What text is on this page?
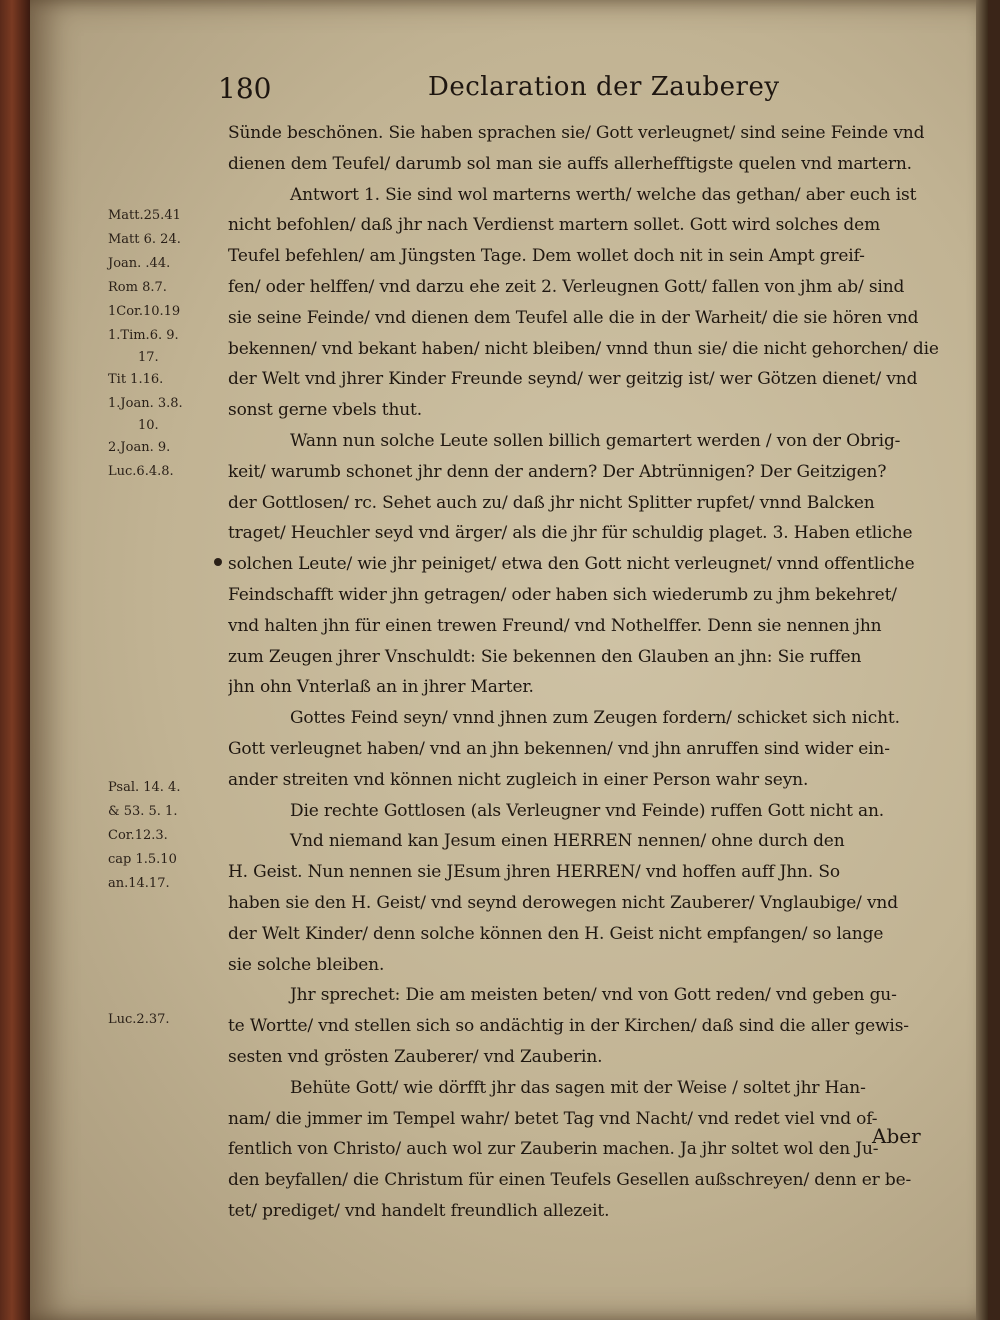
180	Declaration der Zauberey
Matt.25.41
Matt 6. 24.
Joan. .44.
Rom 8.7.
1Cor.10.19
1.Tim.6. 9.
17.
Tit 1.16.
1.Joan. 3.8.
10.
2.Joan. 9.
Luc.6.4.8.
Psal. 14. 4.
& 53. 5. 1.
Cor.12.3.
cap 1.5.10
an.14.17.
Luc.2.37.
Sünde beschönen. Sie haben sprachen sie/ Gott verleugnet/ sind seine Feinde vnd
dienen dem Teufel/ darumb sol man sie auffs allerhefftigste quelen vnd martern.
Antwort 1. Sie sind wol marterns werth/ welche das gethan/ aber euch ist
nicht befohlen/ daß jhr nach Verdienst martern sollet. Gott wird solches dem
Teufel befehlen/ am Jüngsten Tage. Dem wollet doch nit in sein Ampt greif-
fen/ oder helffen/ vnd darzu ehe zeit 2. Verleugnen Gott/ fallen von jhm ab/ sind
sie seine Feinde/ vnd dienen dem Teufel alle die in der Warheit/ die sie hören vnd
bekennen/ vnd bekant haben/ nicht bleiben/ vnnd thun sie/ die nicht gehorchen/ die
der Welt vnd jhrer Kinder Freunde seynd/ wer geitzig ist/ wer Götzen dienet/ vnd
sonst gerne vbels thut.
Wann nun solche Leute sollen billich gemartert werden / von der Obrig-
keit/ warumb schonet jhr denn der andern? Der Abtrünnigen? Der Geitzigen?
der Gottlosen/ rc. Sehet auch zu/ daß jhr nicht Splitter rupfet/ vnnd Balcken
traget/ Heuchler seyd vnd ärger/ als die jhr für schuldig plaget. 3. Haben etliche
solchen Leute/ wie jhr peiniget/ etwa den Gott nicht verleugnet/ vnnd offentliche
Feindschafft wider jhn getragen/ oder haben sich wiederumb zu jhm bekehret/
vnd halten jhn für einen trewen Freund/ vnd Nothelffer. Denn sie nennen jhn
zum Zeugen jhrer Vnschuldt: Sie bekennen den Glauben an jhn: Sie ruffen
jhn ohn Vnterlaß an in jhrer Marter.
Gottes Feind seyn/ vnnd jhnen zum Zeugen fordern/ schicket sich nicht.
Gott verleugnet haben/ vnd an jhn bekennen/ vnd jhn anruffen sind wider ein-
ander streiten vnd können nicht zugleich in einer Person wahr seyn.
Die rechte Gottlosen (als Verleugner vnd Feinde) ruffen Gott nicht an.
Vnd niemand kan Jesum einen HERREN nennen/ ohne durch den
H. Geist. Nun nennen sie JEsum jhren HERREN/ vnd hoffen auff Jhn. So
haben sie den H. Geist/ vnd seynd derowegen nicht Zauberer/ Vnglaubige/ vnd
der Welt Kinder/ denn solche können den H. Geist nicht empfangen/ so lange
sie solche bleiben.
Jhr sprechet: Die am meisten beten/ vnd von Gott reden/ vnd geben gu-
te Wortte/ vnd stellen sich so andächtig in der Kirchen/ daß sind die aller gewis-
sesten vnd grösten Zauberer/ vnd Zauberin.
Behüte Gott/ wie dörfft jhr das sagen mit der Weise / soltet jhr Han-
nam/ die jmmer im Tempel wahr/ betet Tag vnd Nacht/ vnd redet viel vnd of-
fentlich von Christo/ auch wol zur Zauberin machen. Ja jhr soltet wol den Ju-
den beyfallen/ die Christum für einen Teufels Gesellen außschreyen/ denn er be-
tet/ prediget/ vnd handelt freundlich allezeit.
Aber
